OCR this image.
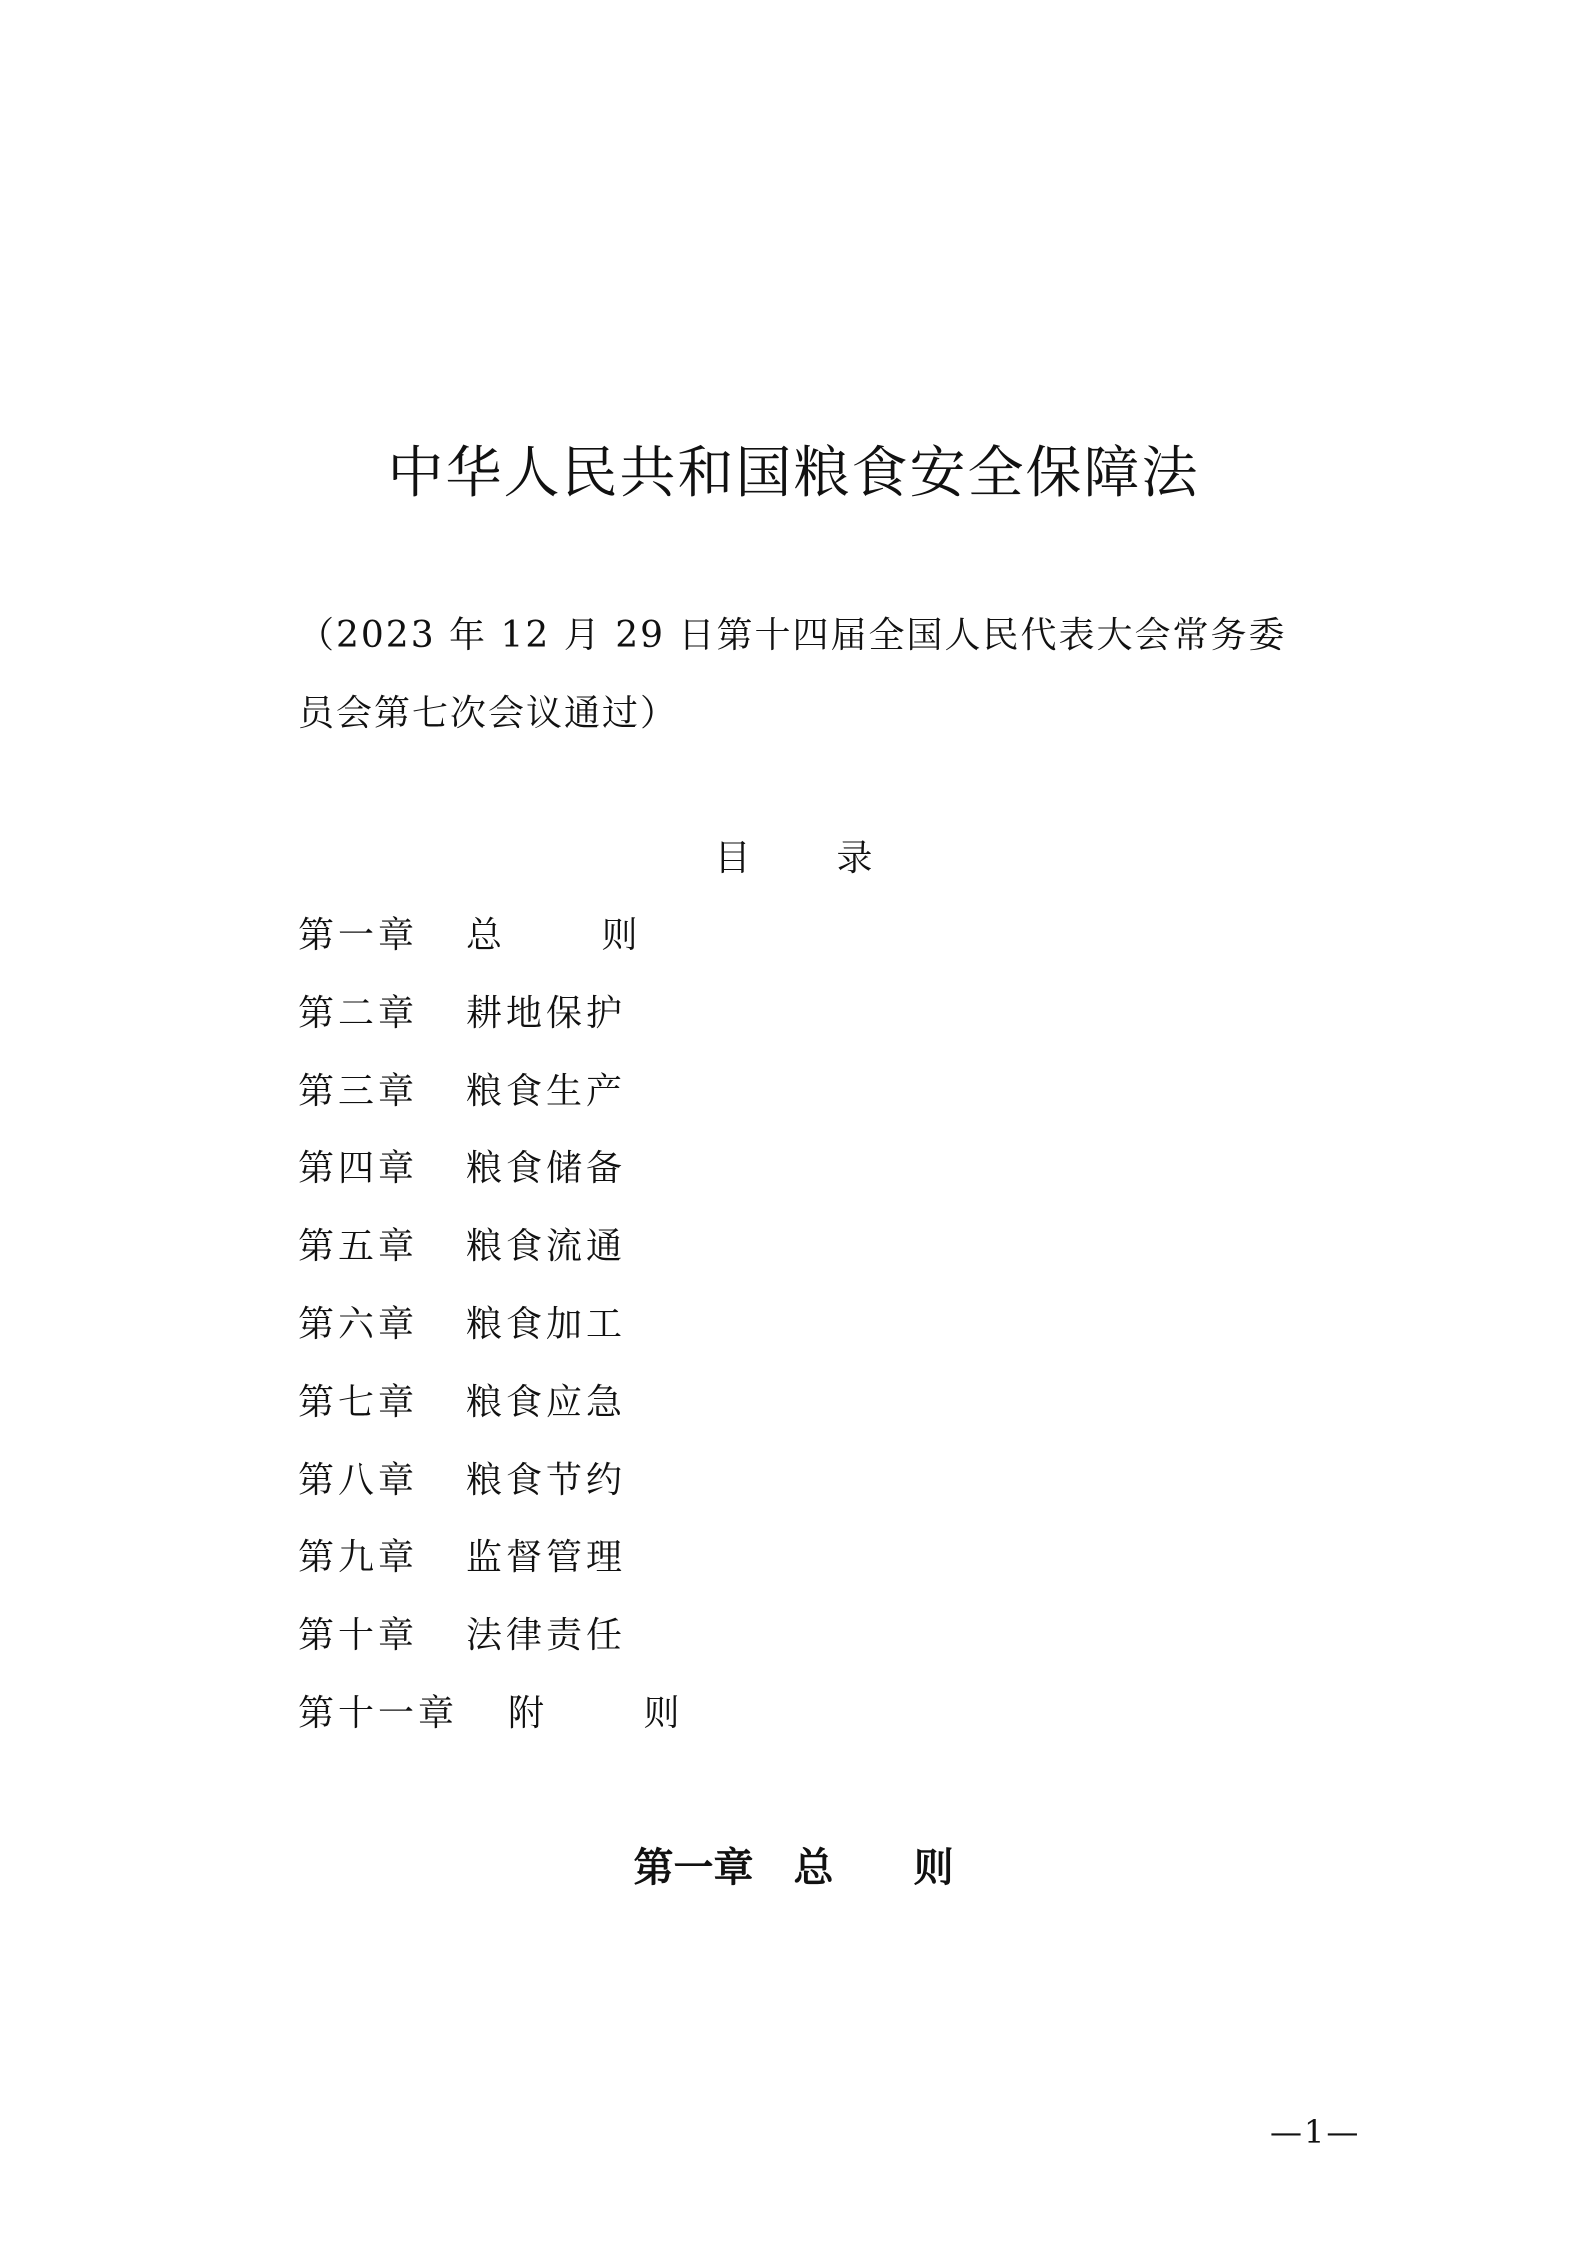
中华人民共和国粮食安全保障法
（2023 年 12 月 29 日第十四届全国人民代表大会常务委员会第七次会议通过）
目 录
第一章	总　　 则
第二章	耕地保护
第三章	粮食生产
第四章	粮食储备
第五章	粮食流通
第六章	粮食加工
第七章	粮食应急
第八章	粮食节约
第九章	监督管理
第十章	法律责任
第十一章	附　　 则
第一章　总　　则
—1—
